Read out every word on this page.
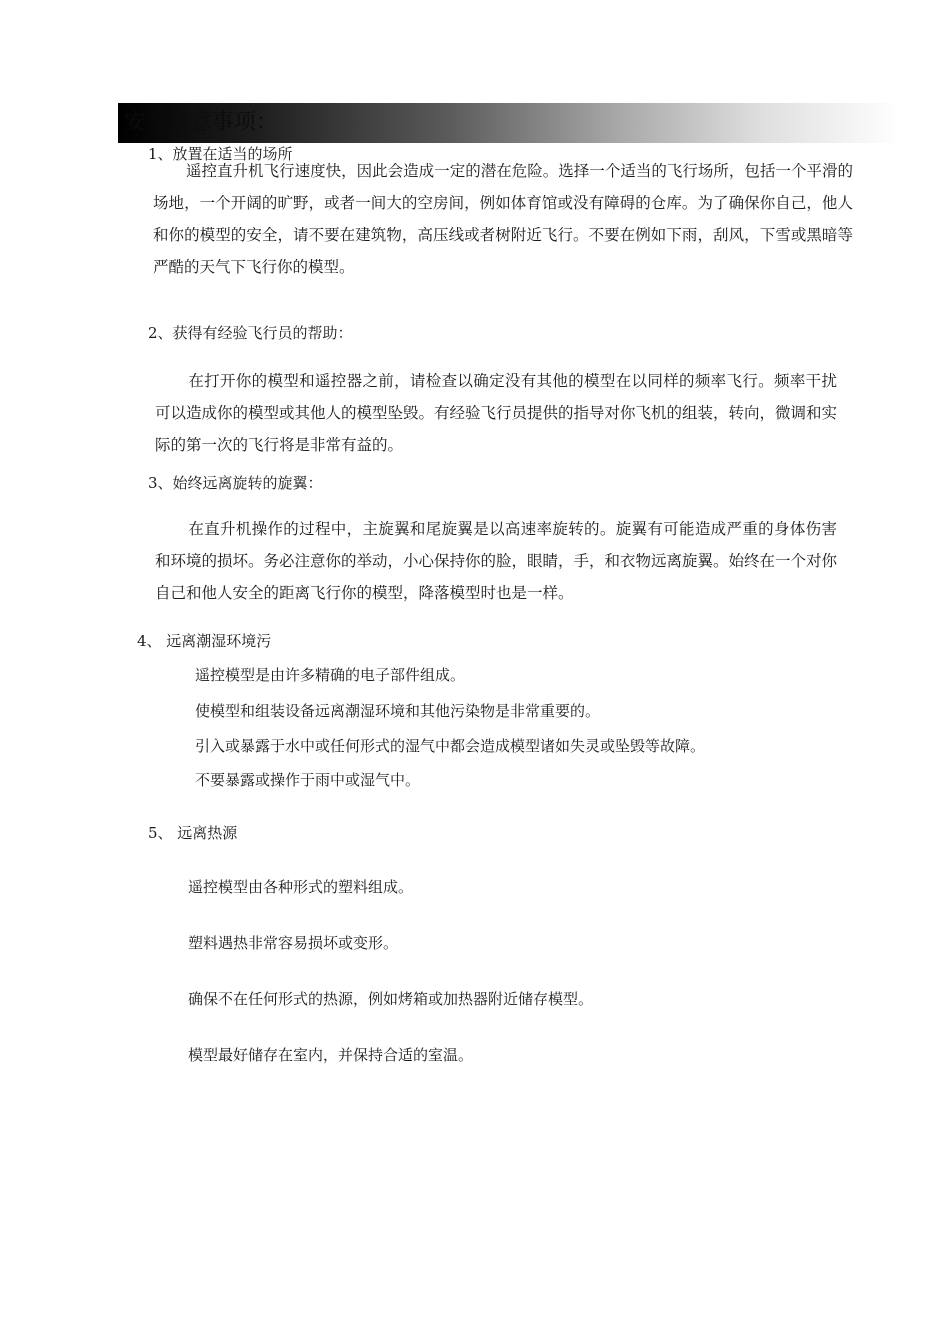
安全注意事项：
1、放置在适当的场所
遥控直升机飞行速度快，因此会造成一定的潜在危险。选择一个适当的飞行场所，包括一个平滑的场地，一个开阔的旷野，或者一间大的空房间，例如体育馆或没有障碍的仓库。为了确保你自己，他人和你的模型的安全，请不要在建筑物，高压线或者树附近飞行。不要在例如下雨，刮风，下雪或黑暗等严酷的天气下飞行你的模型。
2、获得有经验飞行员的帮助：
在打开你的模型和遥控器之前，请检查以确定没有其他的模型在以同样的频率飞行。频率干扰可以造成你的模型或其他人的模型坠毁。有经验飞行员提供的指导对你飞机的组装，转向，微调和实际的第一次的飞行将是非常有益的。
3、始终远离旋转的旋翼：
在直升机操作的过程中，主旋翼和尾旋翼是以高速率旋转的。旋翼有可能造成严重的身体伤害和环境的损坏。务必注意你的举动，小心保持你的脸，眼睛，手，和衣物远离旋翼。始终在一个对你自己和他人安全的距离飞行你的模型，降落模型时也是一样。
4、 远离潮湿环境污
遥控模型是由许多精确的电子部件组成。
使模型和组装设备远离潮湿环境和其他污染物是非常重要的。
引入或暴露于水中或任何形式的湿气中都会造成模型诸如失灵或坠毁等故障。
不要暴露或操作于雨中或湿气中。
5、 远离热源
遥控模型由各种形式的塑料组成。
塑料遇热非常容易损坏或变形。
确保不在任何形式的热源，例如烤箱或加热器附近储存模型。
模型最好储存在室内，并保持合适的室温。
